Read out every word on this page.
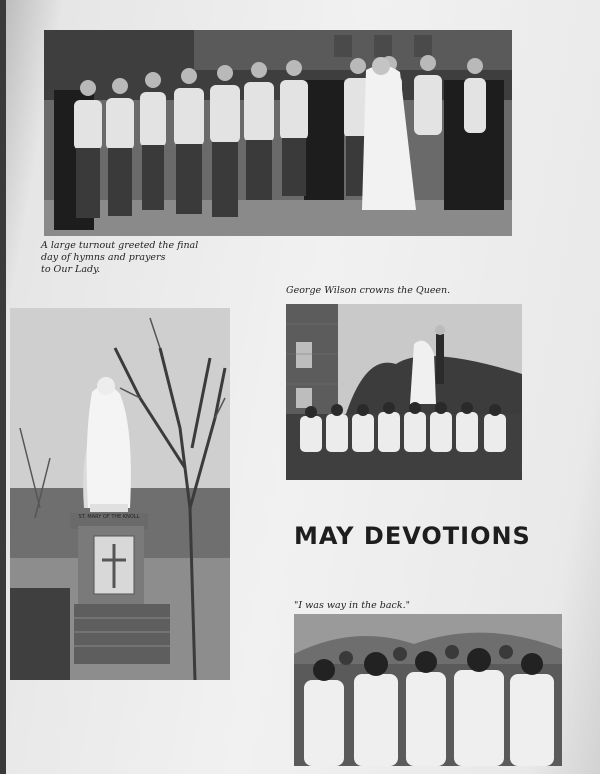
A large turnout greeted the final
day of hymns and prayers
to Our Lady.

George Wilson crowns the Queen.

ST. MARY OF THE KNOLL
MAY DEVOTIONS

"I was way in the back."
